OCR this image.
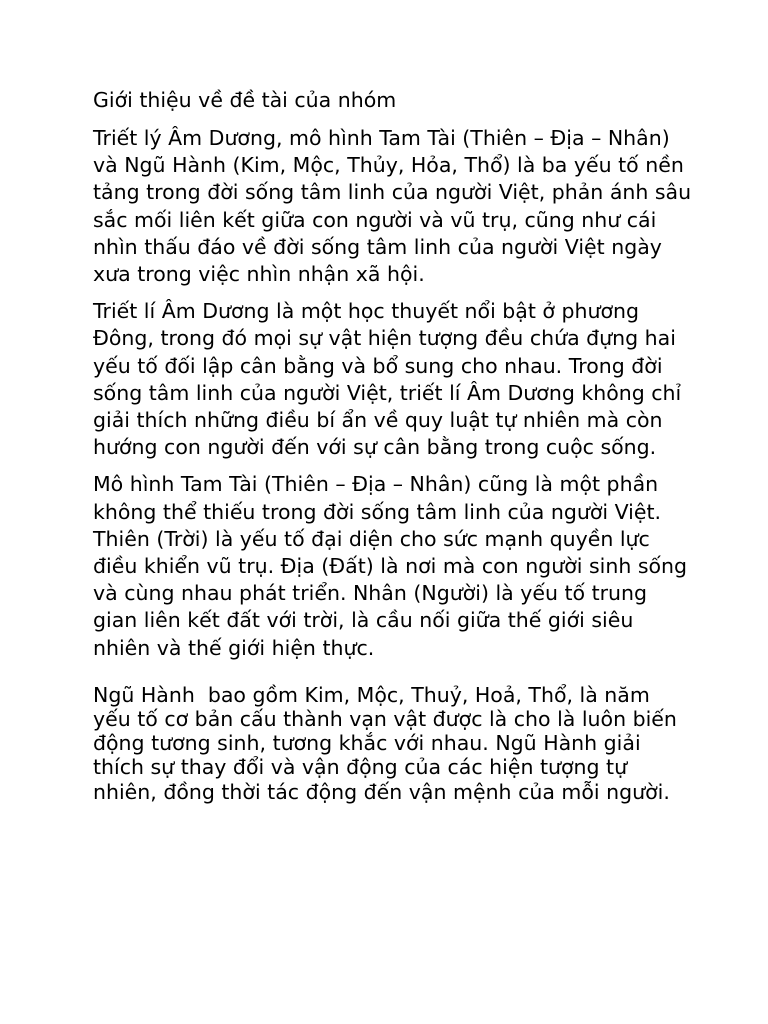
Giới thiệu về đề tài của nhóm

Triết lý Âm Dương, mô hình Tam Tài (Thiên – Địa – Nhân) và Ngũ Hành (Kim, Mộc, Thủy, Hỏa, Thổ) là ba yếu tố nền tảng trong đời sống tâm linh của người Việt, phản ánh sâu sắc mối liên kết giữa con người và vũ trụ, cũng như cái nhìn thấu đáo về đời sống tâm linh của người Việt ngày xưa trong việc nhìn nhận xã hội.

Triết lí Âm Dương là một học thuyết nổi bật ở phương Đông, trong đó mọi sự vật hiện tượng đều chứa đựng hai yếu tố đối lập cân bằng và bổ sung cho nhau. Trong đời sống tâm linh của người Việt, triết lí Âm Dương không chỉ giải thích những điều bí ẩn về quy luật tự nhiên mà còn hướng con người đến với sự cân bằng trong cuộc sống.

Mô hình Tam Tài (Thiên – Địa – Nhân) cũng là một phần không thể thiếu trong đời sống tâm linh của người Việt. Thiên (Trời) là yếu tố đại diện cho sức mạnh quyền lực điều khiển vũ trụ. Địa (Đất) là nơi mà con người sinh sống và cùng nhau phát triển. Nhân (Người) là yếu tố trung gian liên kết đất với trời, là cầu nối giữa thế giới siêu nhiên và thế giới hiện thực.

Ngũ Hành  bao gồm Kim, Mộc, Thuỷ, Hoả, Thổ, là năm yếu tố cơ bản cấu thành vạn vật được là cho là luôn biến động tương sinh, tương khắc với nhau. Ngũ Hành giải thích sự thay đổi và vận động của các hiện tượng tự nhiên, đồng thời tác động đến vận mệnh của mỗi người.
